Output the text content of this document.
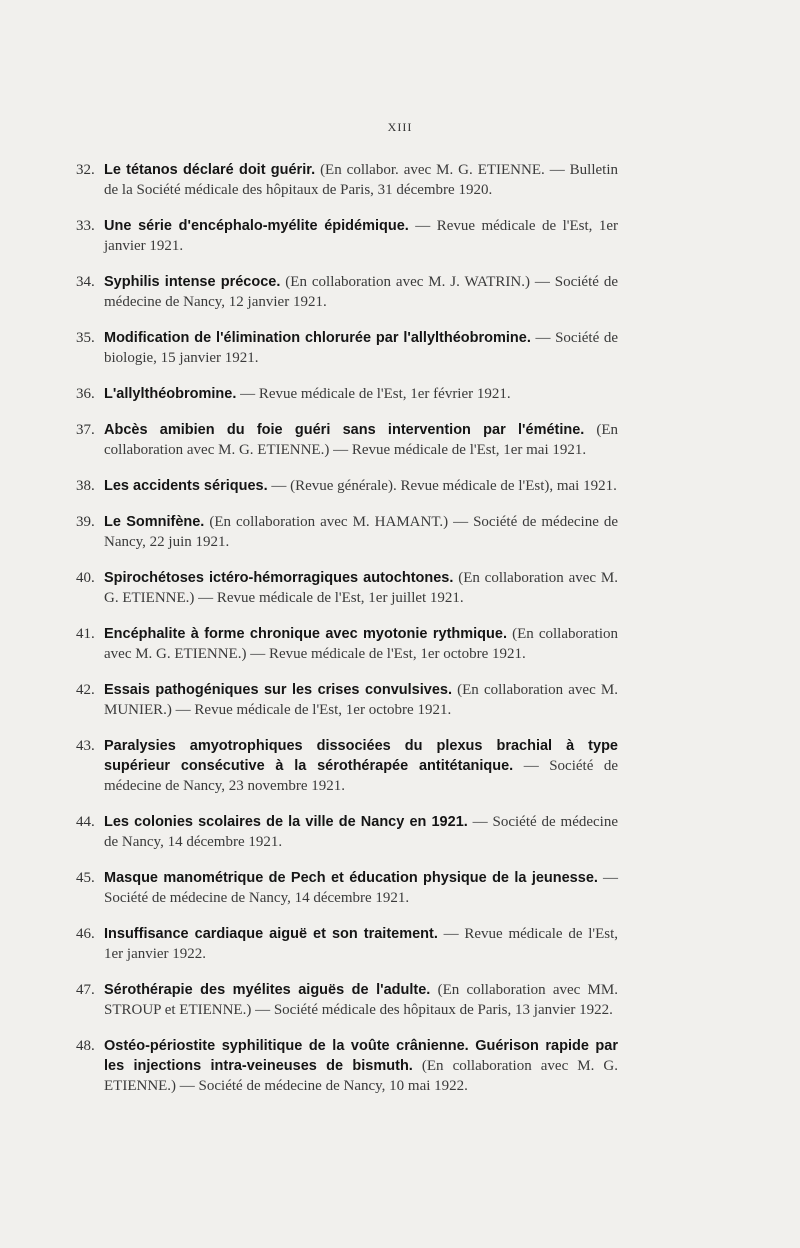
XIII
32. Le tétanos déclaré doit guérir. (En collabor. avec M. G. ETIENNE. — Bulletin de la Société médicale des hôpitaux de Paris, 31 décembre 1920.
33. Une série d'encéphalo-myélite épidémique. — Revue médicale de l'Est, 1er janvier 1921.
34. Syphilis intense précoce. (En collaboration avec M. J. WATRIN.) — Société de médecine de Nancy, 12 janvier 1921.
35. Modification de l'élimination chlorurée par l'allylthéobromine. — Société de biologie, 15 janvier 1921.
36. L'allylthéobromine. — Revue médicale de l'Est, 1er février 1921.
37. Abcès amibien du foie guéri sans intervention par l'émétine. (En collaboration avec M. G. ETIENNE.) — Revue médicale de l'Est, 1er mai 1921.
38. Les accidents sériques. — (Revue générale). Revue médicale de l'Est), mai 1921.
39. Le Somnifène. (En collaboration avec M. HAMANT.) — Société de médecine de Nancy, 22 juin 1921.
40. Spirochétoses ictéro-hémorragiques autochtones. (En collaboration avec M. G. ETIENNE.) — Revue médicale de l'Est, 1er juillet 1921.
41. Encéphalite à forme chronique avec myotonie rythmique. (En collaboration avec M. G. ETIENNE.) — Revue médicale de l'Est, 1er octobre 1921.
42. Essais pathogéniques sur les crises convulsives. (En collaboration avec M. MUNIER.) — Revue médicale de l'Est, 1er octobre 1921.
43. Paralysies amyotrophiques dissociées du plexus brachial à type supérieur consécutive à la sérothérapée antitétanique. — Société de médecine de Nancy, 23 novembre 1921.
44. Les colonies scolaires de la ville de Nancy en 1921. — Société de médecine de Nancy, 14 décembre 1921.
45. Masque manométrique de Pech et éducation physique de la jeunesse. — Société de médecine de Nancy, 14 décembre 1921.
46. Insuffisance cardiaque aiguë et son traitement. — Revue médicale de l'Est, 1er janvier 1922.
47. Sérothérapie des myélites aiguës de l'adulte. (En collaboration avec MM. STROUP et ETIENNE.) — Société médicale des hôpitaux de Paris, 13 janvier 1922.
48. Ostéo-périostite syphilitique de la voûte crânienne. Guérison rapide par les injections intra-veineuses de bismuth. (En collaboration avec M. G. ETIENNE.) — Société de médecine de Nancy, 10 mai 1922.
